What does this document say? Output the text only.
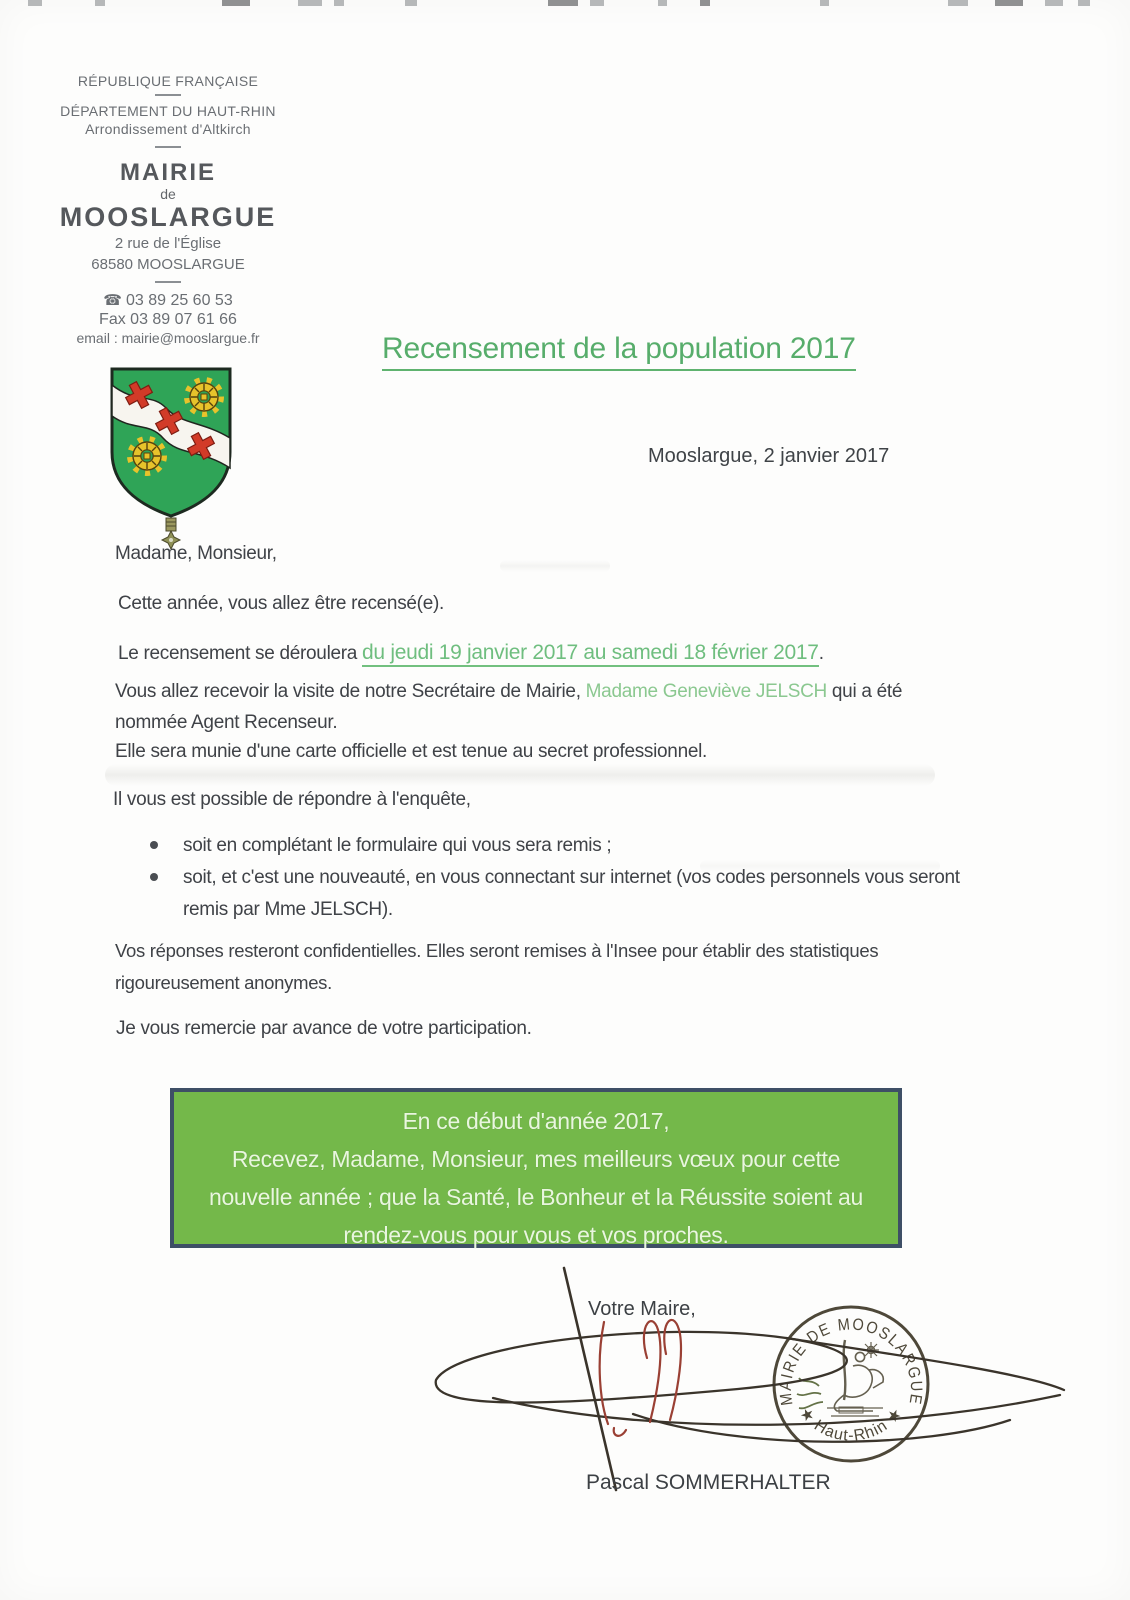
RÉPUBLIQUE FRANÇAISE
DÉPARTEMENT DU HAUT-RHIN
Arrondissement d'Altkirch
MAIRIE
de
MOOSLARGUE
2 rue de l'Église
68580 MOOSLARGUE
☎ 03 89 25 60 53
Fax 03 89 07 61 66
email : mairie@mooslargue.fr	Recensement de la population 2017
Mooslargue, 2 janvier 2017
Madame, Monsieur,
Cette année, vous allez être recensé(e).
Le recensement se déroulera du jeudi 19 janvier 2017 au samedi 18 février 2017.
Vous allez recevoir la visite de notre Secrétaire de Mairie, Madame Geneviève JELSCH qui a été nommée Agent Recenseur.
Elle sera munie d'une carte officielle et est tenue au secret professionnel.
Il vous est possible de répondre à l'enquête,
soit en complétant le formulaire qui vous sera remis ;
soit, et c'est une nouveauté, en vous connectant sur internet (vos codes personnels vous seront remis par Mme JELSCH).
Vos réponses resteront confidentielles. Elles seront remises à l'Insee pour établir des statistiques rigoureusement anonymes.
Je vous remercie par avance de votre participation.
En ce début d'année 2017,
Recevez, Madame, Monsieur, mes meilleurs vœux pour cette
nouvelle année ; que la Santé, le Bonheur et la Réussite soient au
rendez-vous pour vous et vos proches.
MAIRIE DE MOOSLARGUE
★ Haut-Rhin ★
Votre Maire,
Pascal SOMMERHALTER
